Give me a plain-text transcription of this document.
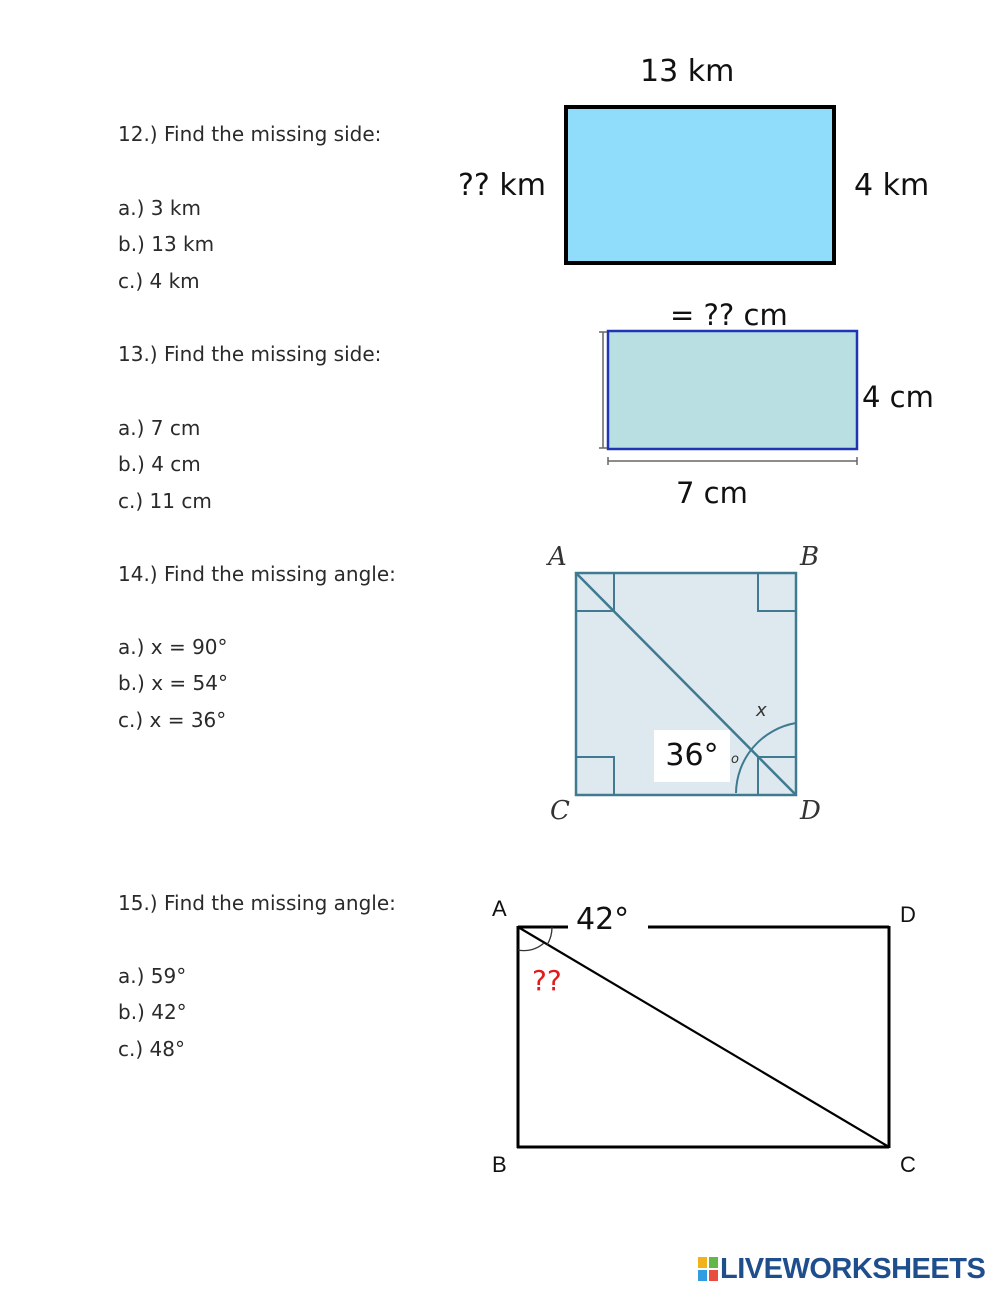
12.) Find the missing side:
a.) 3 km
b.) 13 km
c.) 4 km
13 km
?? km	4 km
13.) Find the missing side:
a.) 7 cm
b.) 4 cm
c.) 11 cm
= ?? cm
4 cm
7 cm
14.) Find the missing angle:
a.) x = 90°
b.) x = 54°
c.) x = 36°
A	B
C	D
x
o
36°
15.) Find the missing angle:
a.) 59°
b.) 42°
c.) 48°
A	D
B	C
42°
??
LIVEWORKSHEETS
